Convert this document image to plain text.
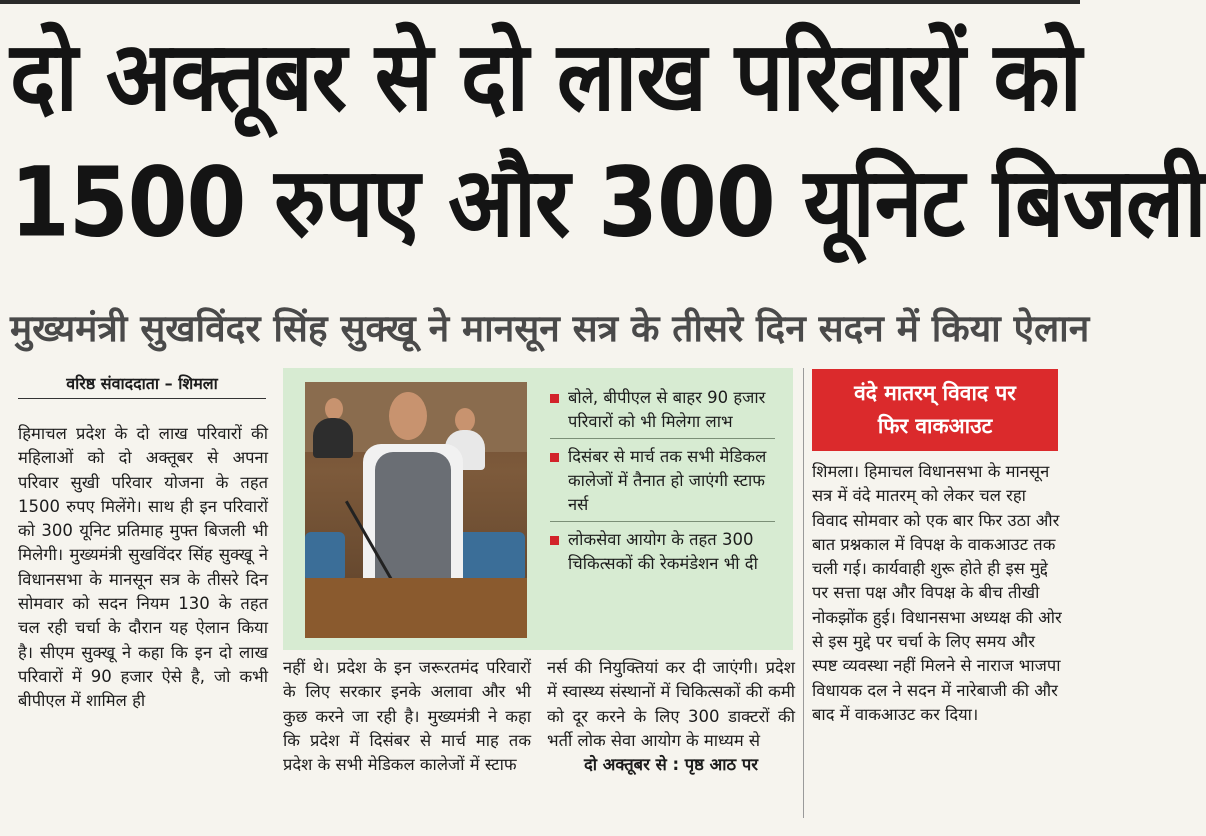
दो अक्तूबर से दो लाख परिवारों को
1500 रुपए और 300 यूनिट बिजली
मुख्यमंत्री सुखविंदर सिंह सुक्खू ने मानसून सत्र के तीसरे दिन सदन में किया ऐलान
वरिष्ठ संवाददाता – शिमला
हिमाचल प्रदेश के दो लाख परिवारों की महिलाओं को दो अक्तूबर से अपना परिवार सुखी परिवार योजना के तहत 1500 रुपए मिलेंगे। साथ ही इन परिवारों को 300 यूनिट प्रतिमाह मुफ्त बिजली भी मिलेगी। मुख्यमंत्री सुखविंदर सिंह सुक्खू ने विधानसभा के मानसून सत्र के तीसरे दिन सोमवार को सदन नियम 130 के तहत चल रही चर्चा के दौरान यह ऐलान किया है। सीएम सुक्खू ने कहा कि इन दो लाख परिवारों में 90 हजार ऐसे है, जो कभी बीपीएल में शामिल ही
बोले, बीपीएल से बाहर 90 हजार परिवारों को भी मिलेगा लाभ
दिसंबर से मार्च तक सभी मेडिकल कालेजों में तैनात हो जाएंगी स्टाफ नर्स
लोकसेवा आयोग के तहत 300 चिकित्सकों की रेकमंडेशन भी दी
नहीं थे। प्रदेश के इन जरूरतमंद परिवारों के लिए सरकार इनके अलावा और भी कुछ करने जा रही है। मुख्यमंत्री ने कहा कि प्रदेश में दिसंबर से मार्च माह तक प्रदेश के सभी मेडिकल कालेजों में स्टाफ
नर्स की नियुक्तियां कर दी जाएंगी। प्रदेश में स्वास्थ्य संस्थानों में चिकित्सकों की कमी को दूर करने के लिए 300 डाक्टरों की भर्ती लोक सेवा आयोग के माध्यम से
दो अक्तूबर से : पृष्ठ आठ पर
वंदे मातरम् विवाद पर
फिर वाकआउट
शिमला। हिमाचल विधानसभा के मानसून सत्र में वंदे मातरम् को लेकर चल रहा विवाद सोमवार को एक बार फिर उठा और बात प्रश्नकाल में विपक्ष के वाकआउट तक चली गई। कार्यवाही शुरू होते ही इस मुद्दे पर सत्ता पक्ष और विपक्ष के बीच तीखी नोकझोंक हुई। विधानसभा अध्यक्ष की ओर से इस मुद्दे पर चर्चा के लिए समय और स्पष्ट व्यवस्था नहीं मिलने से नाराज भाजपा विधायक दल ने सदन में नारेबाजी की और बाद में वाकआउट कर दिया।
